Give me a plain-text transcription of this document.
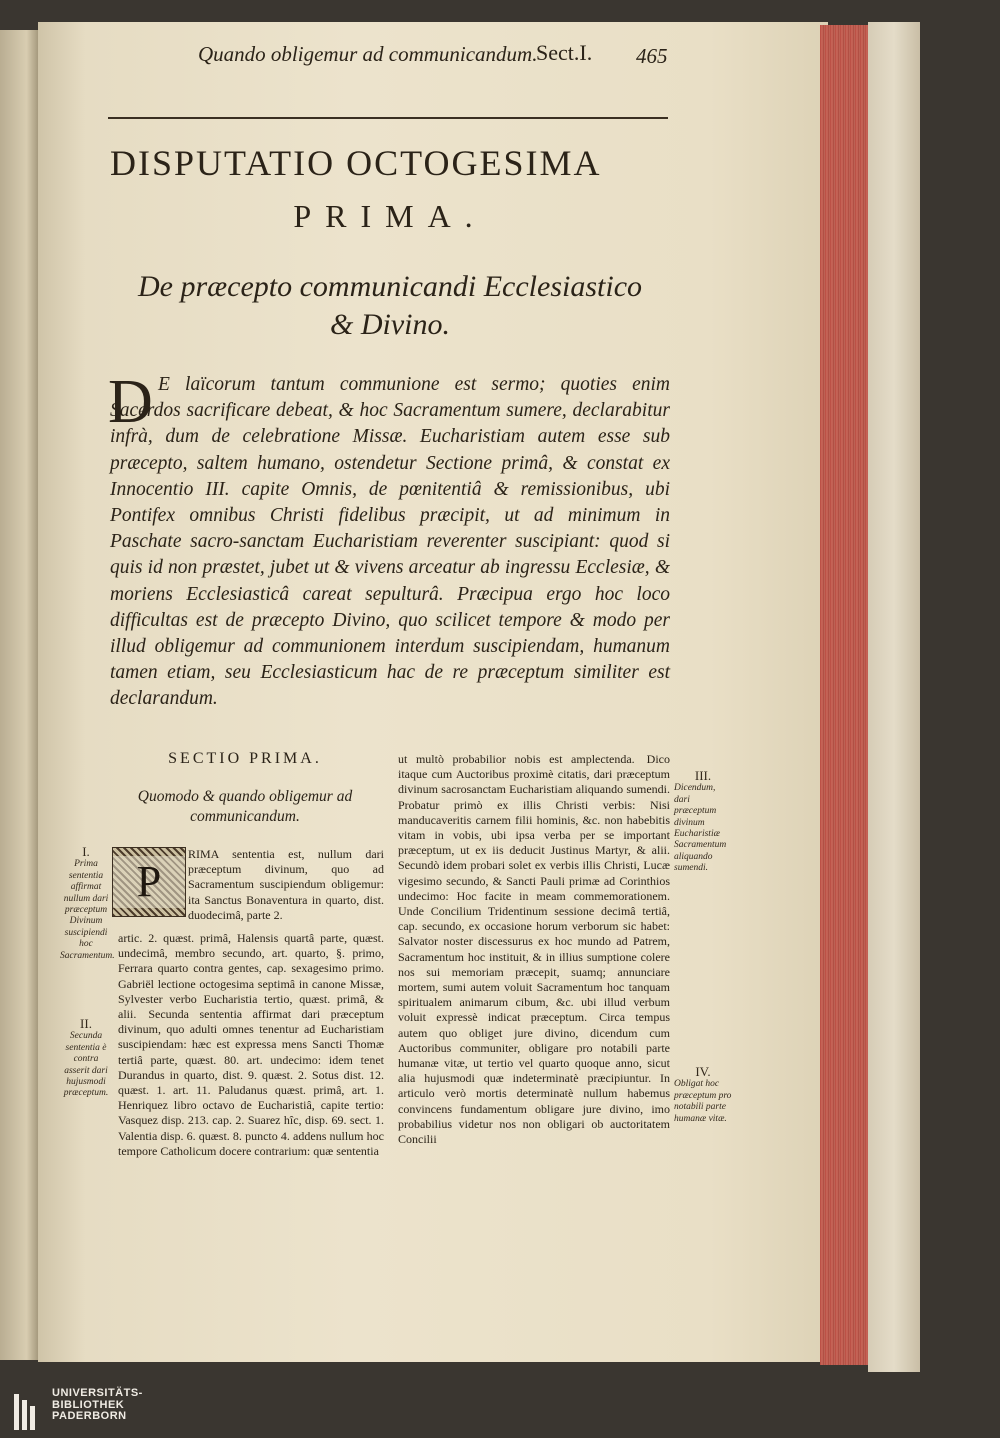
Quando obligemur ad communicandum.
Sect.I. 465
DISPUTATIO OCTOGESIMA
PRIMA.
De præcepto communicandi Ecclesiastico
& Divino.
D E laïcorum tantum communione est sermo; quoties enim Sacerdos sacrificare debeat, & hoc Sacramentum sumere, declarabitur infrà, dum de celebratione Missæ. Eucharistiam autem esse sub præcepto, saltem humano, ostendetur Sectione primâ, & constat ex Innocentio III. capite Omnis, de pœnitentiâ & remissionibus, ubi Pontifex omnibus Christi fidelibus præcipit, ut ad minimum in Paschate sacro-sanctam Eucharistiam reverenter suscipiant: quod si quis id non præstet, jubet ut & vivens arceatur ab ingressu Ecclesiæ, & moriens Ecclesiasticâ careat sepulturâ. Præcipua ergo hoc loco difficultas est de præcepto Divino, quo scilicet tempore & modo per illud obligemur ad communionem interdum suscipiendam, humanum tamen etiam, seu Ecclesiasticum hac de re præceptum similiter est declarandum.
SECTIO PRIMA.
Quomodo & quando obligemur ad
communicandum.
P
RIMA sententia est, nullum dari præceptum divinum, quo ad Sacramentum suscipiendum obligemur: ita Sanctus Bonaventura in quarto, dist. duodecimâ, parte 2.
artic. 2. quæst. primâ, Halensis quartâ parte, quæst. undecimâ, membro secundo, art. quarto, §. primo, Ferrara quarto contra gentes, cap. sexagesimo primo. Gabriël lectione octogesima septimâ in canone Missæ, Sylvester verbo Eucharistia tertio, quæst. primâ, & alii. Secunda sententia affirmat dari præceptum divinum, quo adulti omnes tenentur ad Eucharistiam suscipiendam: hæc est expressa mens Sancti Thomæ tertiâ parte, quæst. 80. art. undecimo: idem tenet Durandus in quarto, dist. 9. quæst. 2. Sotus dist. 12. quæst. 1. art. 11. Paludanus quæst. primâ, art. 1. Henriquez libro octavo de Eucharistiâ, capite tertio: Vasquez disp. 213. cap. 2. Suarez hîc, disp. 69. sect. 1. Valentia disp. 6. quæst. 8. puncto 4. addens nullum hoc tempore Catholicum docere contrarium: quæ sententia
ut multò probabilior nobis est amplectenda. Dico itaque cum Auctoribus proximè citatis, dari præceptum divinum sacrosanctam Eucharistiam aliquando sumendi. Probatur primò ex illis Christi verbis: Nisi manducaveritis carnem filii hominis, &c. non habebitis vitam in vobis, ubi ipsa verba per se important præceptum, ut ex iis deducit Justinus Martyr, & alii. Secundò idem probari solet ex verbis illis Christi, Lucæ vigesimo secundo, & Sancti Pauli primæ ad Corinthios undecimo: Hoc facite in meam commemorationem. Unde Concilium Tridentinum sessione decimâ tertiâ, cap. secundo, ex occasione horum verborum sic habet: Salvator noster discessurus ex hoc mundo ad Patrem, Sacramentum hoc instituit, & in illius sumptione colere nos sui memoriam præcepit, suamq; annunciare mortem, sumi autem voluit Sacramentum hoc tanquam spiritualem animarum cibum, &c. ubi illud verbum voluit expressè indicat præceptum. Circa tempus autem quo obliget jure divino, dicendum cum Auctoribus communiter, obligare pro notabili parte humanæ vitæ, ut tertio vel quarto quoque anno, sicut alia hujusmodi quæ indeterminatè præcipiuntur. In articulo verò mortis determinatè nullum habemus convincens fundamentum obligare jure divino, imo probabilius videtur nos non obligari ob auctoritatem Concilii
I.
Prima sententia affirmat nullum dari præceptum Divinum suscipiendi hoc Sacramentum.
II.
Secunda sententia è contra asserit dari hujusmodi præceptum.
III.
Dicendum, dari præceptum divinum Eucharistiæ Sacramentum aliquando sumendi.
IV.
Obligat hoc præceptum pro notabili parte humanæ vitæ.
UNIVERSITÄTS-
BIBLIOTHEK
PADERBORN
